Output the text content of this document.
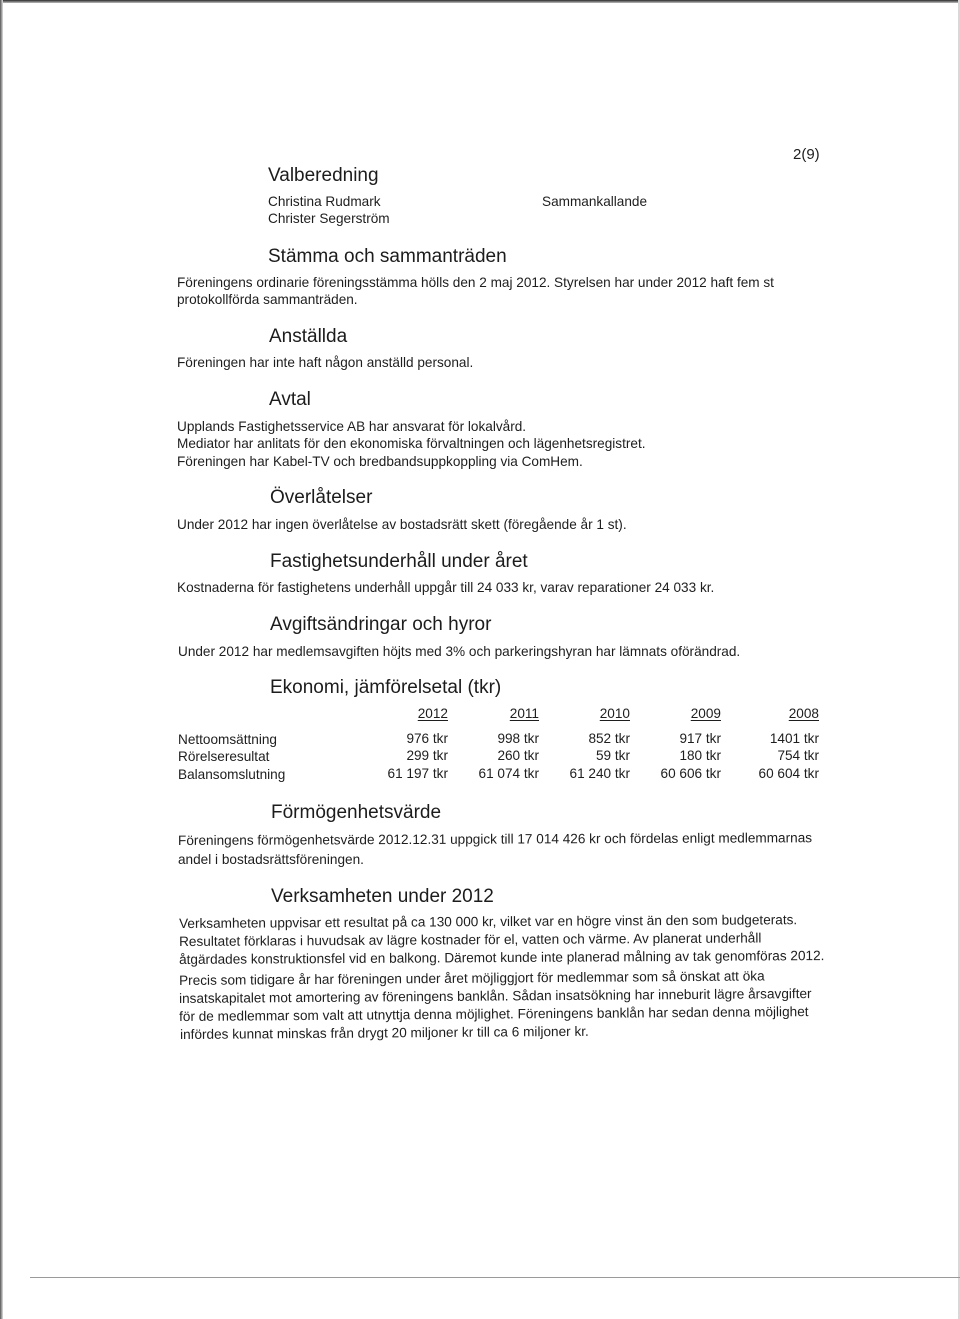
2(9)
Valberedning
Christina Rudmark	Sammankallande
Christer Segerström
Stämma och sammanträden
Föreningens ordinarie föreningsstämma hölls den 2 maj 2012. Styrelsen har under 2012 haft fem st
protokollförda sammanträden.
Anställda
Föreningen har inte haft någon anställd personal.
Avtal
Upplands Fastighetsservice AB har ansvarat för lokalvård.
Mediator har anlitats för den ekonomiska förvaltningen och lägenhetsregistret.
Föreningen har Kabel-TV och bredbandsuppkoppling via ComHem.
Överlåtelser
Under 2012 har ingen överlåtelse av bostadsrätt skett (föregående år 1 st).
Fastighetsunderhåll under året
Kostnaderna för fastighetens underhåll uppgår till 24 033 kr, varav reparationer 24 033 kr.
Avgiftsändringar och hyror
Under 2012 har medlemsavgiften höjts med 3% och parkeringshyran har lämnats oförändrad.
Ekonomi, jämförelsetal (tkr)
2012	2011	2010	2009	2008
Nettoomsättning	976 tkr	998 tkr	852 tkr	917 tkr	1401 tkr
Rörelseresultat	299 tkr	260 tkr	59 tkr	180 tkr	754 tkr
Balansomslutning	61 197 tkr	61 074 tkr	61 240 tkr	60 606 tkr	60 604 tkr
Förmögenhetsvärde
Föreningens förmögenhetsvärde 2012.12.31 uppgick till 17 014 426 kr och fördelas enligt medlemmarnas
andel i bostadsrättsföreningen.
Verksamheten under 2012
Verksamheten uppvisar ett resultat på ca 130 000 kr, vilket var en högre vinst än den som budgeterats.
Resultatet förklaras i huvudsak av lägre kostnader för el, vatten och värme. Av planerat underhåll
åtgärdades konstruktionsfel vid en balkong. Däremot kunde inte planerad målning av tak genomföras 2012.
Precis som tidigare år har föreningen under året möjliggjort för medlemmar som så önskat att öka
insatskapitalet mot amortering av föreningens banklån. Sådan insatsökning har inneburit lägre årsavgifter
för de medlemmar som valt att utnyttja denna möjlighet. Föreningens banklån har sedan denna möjlighet
infördes kunnat minskas från drygt 20 miljoner kr till ca 6 miljoner kr.
